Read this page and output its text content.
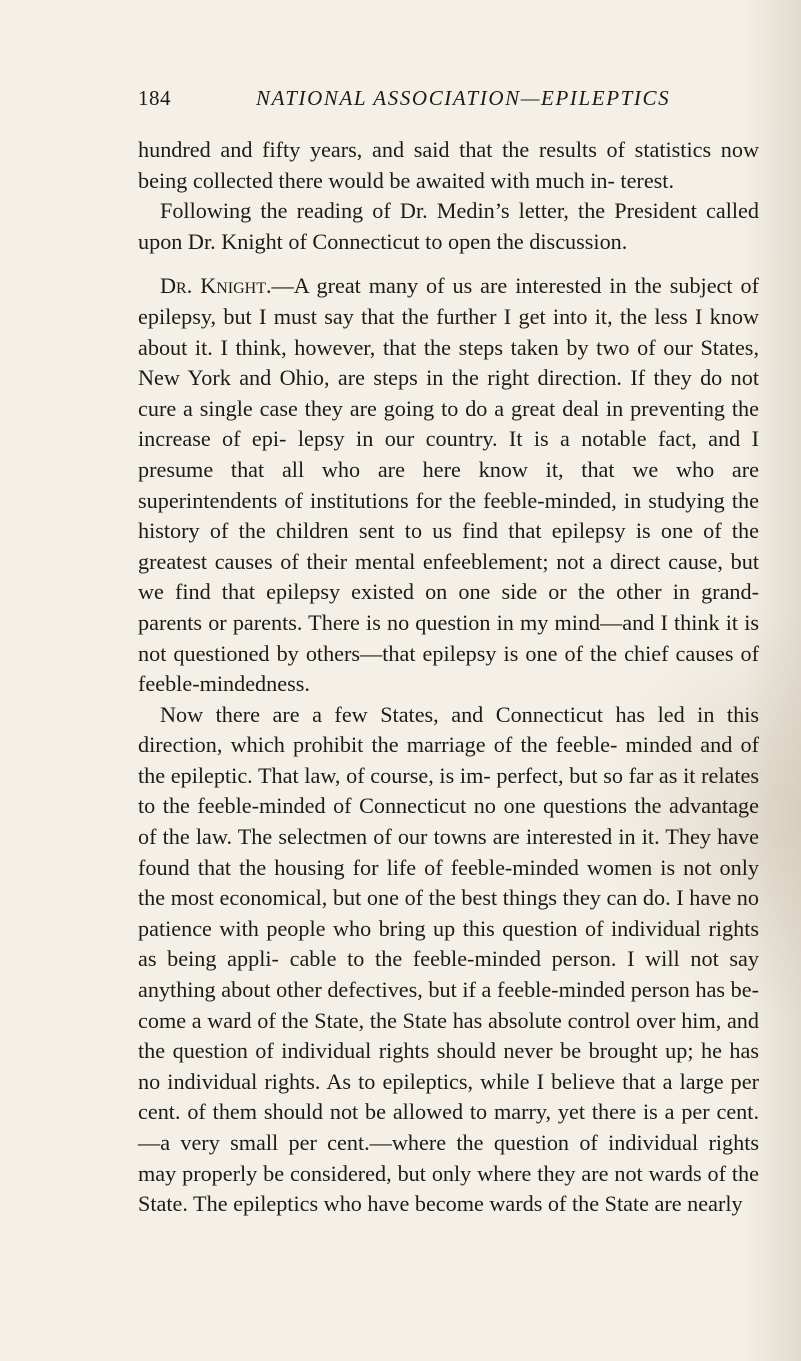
184	NATIONAL ASSOCIATION—EPILEPTICS

hundred and fifty years, and said that the results of statistics now being collected there would be awaited with much in- terest.

Following the reading of Dr. Medin’s letter, the President called upon Dr. Knight of Connecticut to open the discussion.

Dr. Knight.—A great many of us are interested in the subject of epilepsy, but I must say that the further I get into it, the less I know about it. I think, however, that the steps taken by two of our States, New York and Ohio, are steps in the right direction. If they do not cure a single case they are going to do a great deal in preventing the increase of epi- lepsy in our country. It is a notable fact, and I presume that all who are here know it, that we who are superintendents of institutions for the feeble-minded, in studying the history of the children sent to us find that epilepsy is one of the greatest causes of their mental enfeeblement; not a direct cause, but we find that epilepsy existed on one side or the other in grand- parents or parents. There is no question in my mind—and I think it is not questioned by others—that epilepsy is one of the chief causes of feeble-mindedness.

Now there are a few States, and Connecticut has led in this direction, which prohibit the marriage of the feeble- minded and of the epileptic. That law, of course, is im- perfect, but so far as it relates to the feeble-minded of Connecticut no one questions the advantage of the law. The selectmen of our towns are interested in it. They have found that the housing for life of feeble-minded women is not only the most economical, but one of the best things they can do. I have no patience with people who bring up this question of individual rights as being appli- cable to the feeble-minded person. I will not say anything about other defectives, but if a feeble-minded person has be- come a ward of the State, the State has absolute control over him, and the question of individual rights should never be brought up; he has no individual rights. As to epileptics, while I believe that a large per cent. of them should not be allowed to marry, yet there is a per cent.—a very small per cent.—where the question of individual rights may properly be considered, but only where they are not wards of the State. The epileptics who have become wards of the State are nearly
